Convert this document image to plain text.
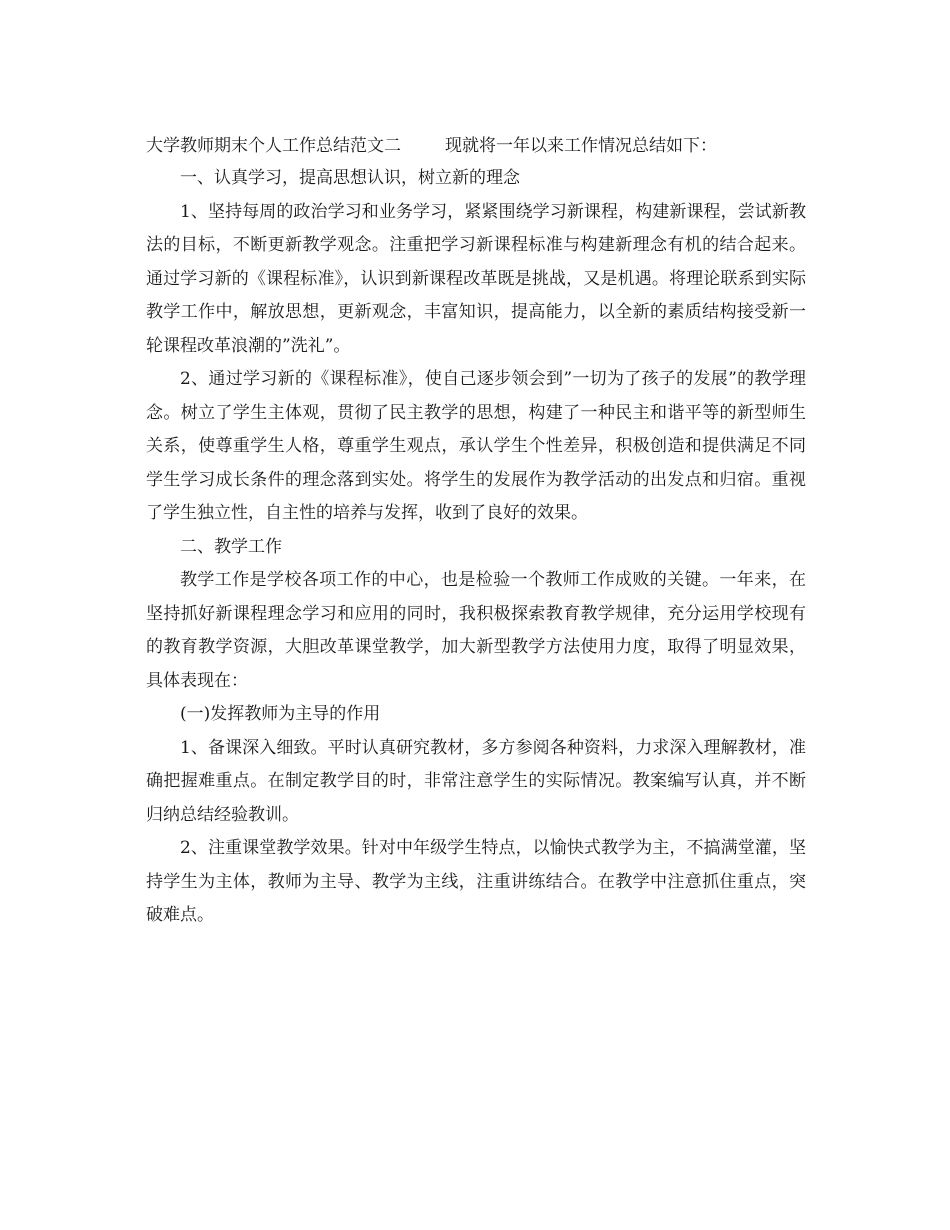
大学教师期末个人工作总结范文二	现就将一年以来工作情况总结如下：

一、认真学习，提高思想认识，树立新的理念

1、坚持每周的政治学习和业务学习，紧紧围绕学习新课程，构建新课程，尝试新教法的目标，不断更新教学观念。注重把学习新课程标准与构建新理念有机的结合起来。通过学习新的《课程标准》，认识到新课程改革既是挑战，又是机遇。将理论联系到实际教学工作中，解放思想，更新观念，丰富知识，提高能力，以全新的素质结构接受新一轮课程改革浪潮的”洗礼”。

2、通过学习新的《课程标准》，使自己逐步领会到”一切为了孩子的发展”的教学理念。树立了学生主体观，贯彻了民主教学的思想，构建了一种民主和谐平等的新型师生关系，使尊重学生人格，尊重学生观点，承认学生个性差异，积极创造和提供满足不同学生学习成长条件的理念落到实处。将学生的发展作为教学活动的出发点和归宿。重视了学生独立性，自主性的培养与发挥，收到了良好的效果。

二、教学工作

教学工作是学校各项工作的中心，也是检验一个教师工作成败的关键。一年来，在坚持抓好新课程理念学习和应用的同时，我积极探索教育教学规律，充分运用学校现有的教育教学资源，大胆改革课堂教学，加大新型教学方法使用力度，取得了明显效果，具体表现在：

(一)发挥教师为主导的作用

1、备课深入细致。平时认真研究教材，多方参阅各种资料，力求深入理解教材，准确把握难重点。在制定教学目的时，非常注意学生的实际情况。教案编写认真，并不断归纳总结经验教训。

2、注重课堂教学效果。针对中年级学生特点，以愉快式教学为主，不搞满堂灌，坚持学生为主体，教师为主导、教学为主线，注重讲练结合。在教学中注意抓住重点，突破难点。
